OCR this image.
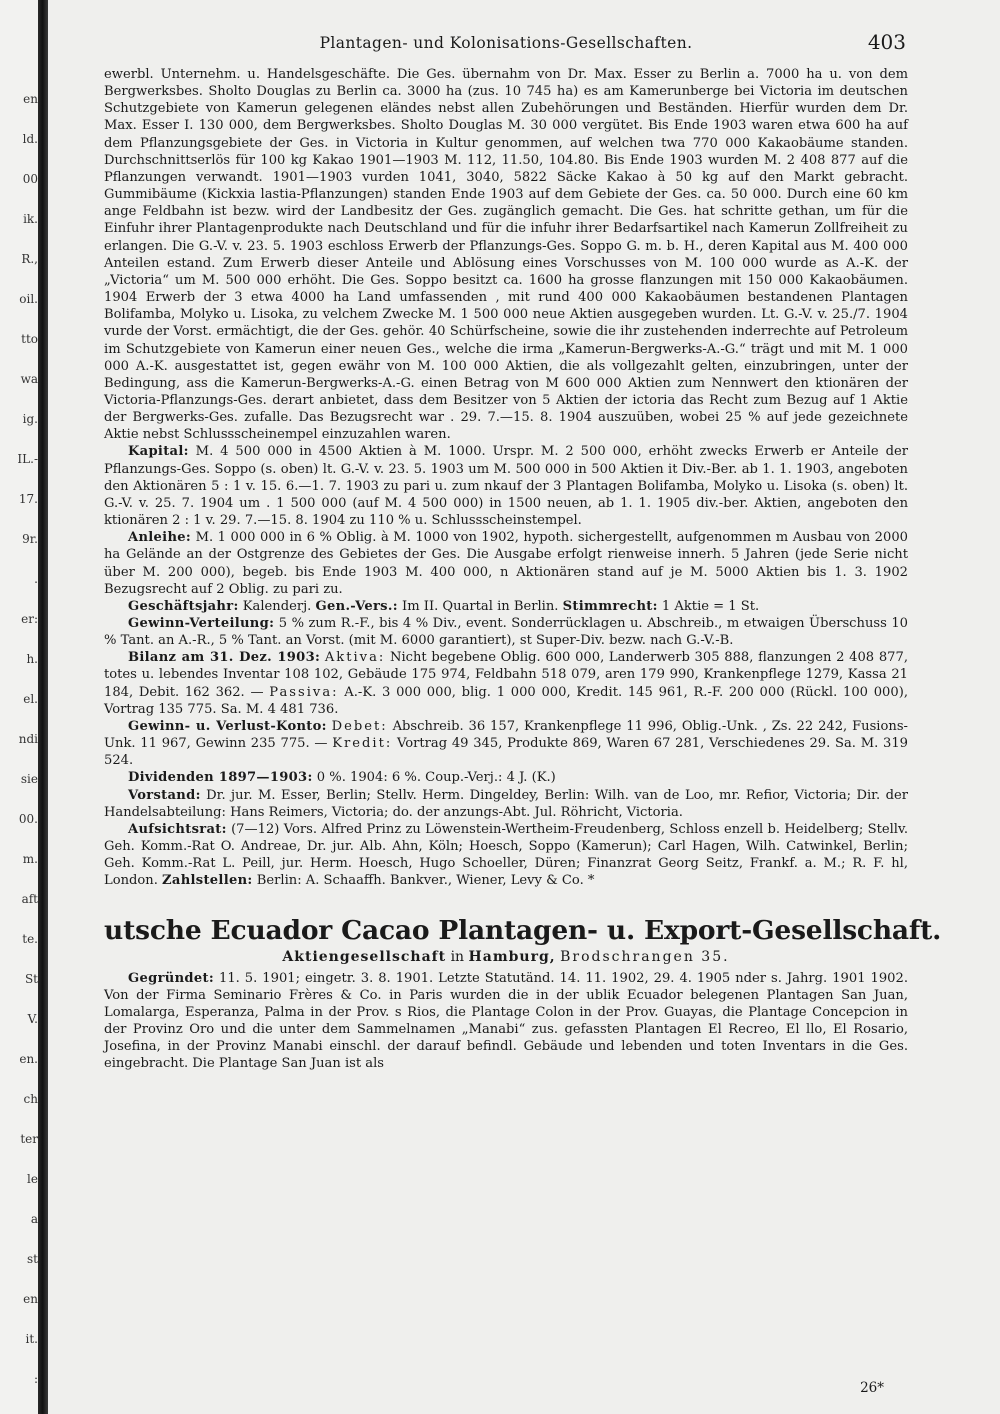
en
ld.
00
ik.
R.,
oil.
tto
wa
ig.
IL.-
17.
9r.
.
er:
h.
el.
ndi
sie
00.
m.
aft
te.
St
V.
en.
ch
ter
le
a
st
en
it.
:
Plantagen- und Kolonisations-Gesellschaften.	403

ewerbl. Unternehm. u. Handelsgeschäfte. Die Ges. übernahm von Dr. Max. Esser zu Berlin a. 7000 ha u. von dem Bergwerksbes. Sholto Douglas zu Berlin ca. 3000 ha (zus. 10 745 ha) es am Kamerunberge bei Victoria im deutschen Schutzgebiete von Kamerun gelegenen eländes nebst allen Zubehörungen und Beständen. Hierfür wurden dem Dr. Max. Esser I. 130 000, dem Bergwerksbes. Sholto Douglas M. 30 000 vergütet. Bis Ende 1903 waren etwa 600 ha auf dem Pflanzungsgebiete der Ges. in Victoria in Kultur genommen, auf welchen twa 770 000 Kakaobäume standen. Durchschnittserlös für 100 kg Kakao 1901—1903 M. 112, 11.50, 104.80. Bis Ende 1903 wurden M. 2 408 877 auf die Pflanzungen verwandt. 1901—1903 vurden 1041, 3040, 5822 Säcke Kakao à 50 kg auf den Markt gebracht. Gummibäume (Kickxia lastia-Pflanzungen) standen Ende 1903 auf dem Gebiete der Ges. ca. 50 000. Durch eine 60 km ange Feldbahn ist bezw. wird der Landbesitz der Ges. zugänglich gemacht. Die Ges. hat schritte gethan, um für die Einfuhr ihrer Plantagenprodukte nach Deutschland und für die infuhr ihrer Bedarfsartikel nach Kamerun Zollfreiheit zu erlangen. Die G.-V. v. 23. 5. 1903 eschloss Erwerb der Pflanzungs-Ges. Soppo G. m. b. H., deren Kapital aus M. 400 000 Anteilen estand. Zum Erwerb dieser Anteile und Ablösung eines Vorschusses von M. 100 000 wurde as A.-K. der „Victoria“ um M. 500 000 erhöht. Die Ges. Soppo besitzt ca. 1600 ha grosse flanzungen mit 150 000 Kakaobäumen. 1904 Erwerb der 3 etwa 4000 ha Land umfassenden , mit rund 400 000 Kakaobäumen bestandenen Plantagen Bolifamba, Molyko u. Lisoka, zu velchem Zwecke M. 1 500 000 neue Aktien ausgegeben wurden. Lt. G.-V. v. 25./7. 1904 vurde der Vorst. ermächtigt, die der Ges. gehör. 40 Schürfscheine, sowie die ihr zustehenden inderrechte auf Petroleum im Schutzgebiete von Kamerun einer neuen Ges., welche die irma „Kamerun-Bergwerks-A.-G.“ trägt und mit M. 1 000 000 A.-K. ausgestattet ist, gegen ewähr von M. 100 000 Aktien, die als vollgezahlt gelten, einzubringen, unter der Bedingung, ass die Kamerun-Bergwerks-A.-G. einen Betrag von M 600 000 Aktien zum Nennwert den ktionären der Victoria-Pflanzungs-Ges. derart anbietet, dass dem Besitzer von 5 Aktien der ictoria das Recht zum Bezug auf 1 Aktie der Bergwerks-Ges. zufalle. Das Bezugsrecht war . 29. 7.—15. 8. 1904 auszuüben, wobei 25 % auf jede gezeichnete Aktie nebst Schlussscheinempel einzuzahlen waren.

Kapital: M. 4 500 000 in 4500 Aktien à M. 1000. Urspr. M. 2 500 000, erhöht zwecks Erwerb er Anteile der Pflanzungs-Ges. Soppo (s. oben) lt. G.-V. v. 23. 5. 1903 um M. 500 000 in 500 Aktien it Div.-Ber. ab 1. 1. 1903, angeboten den Aktionären 5 : 1 v. 15. 6.—1. 7. 1903 zu pari u. zum nkauf der 3 Plantagen Bolifamba, Molyko u. Lisoka (s. oben) lt. G.-V. v. 25. 7. 1904 um . 1 500 000 (auf M. 4 500 000) in 1500 neuen, ab 1. 1. 1905 div.-ber. Aktien, angeboten den ktionären 2 : 1 v. 29. 7.—15. 8. 1904 zu 110 % u. Schlussscheinstempel.

Anleihe: M. 1 000 000 in 6 % Oblig. à M. 1000 von 1902, hypoth. sichergestellt, aufgenommen m Ausbau von 2000 ha Gelände an der Ostgrenze des Gebietes der Ges. Die Ausgabe erfolgt rienweise innerh. 5 Jahren (jede Serie nicht über M. 200 000), begeb. bis Ende 1903 M. 400 000, n Aktionären stand auf je M. 5000 Aktien bis 1. 3. 1902 Bezugsrecht auf 2 Oblig. zu pari zu.

Geschäftsjahr: Kalenderj. Gen.-Vers.: Im II. Quartal in Berlin. Stimmrecht: 1 Aktie = 1 St.

Gewinn-Verteilung: 5 % zum R.-F., bis 4 % Div., event. Sonderrücklagen u. Abschreib., m etwaigen Überschuss 10 % Tant. an A.-R., 5 % Tant. an Vorst. (mit M. 6000 garantiert), st Super-Div. bezw. nach G.-V.-B.

Bilanz am 31. Dez. 1903: Aktiva: Nicht begebene Oblig. 600 000, Landerwerb 305 888, flanzungen 2 408 877, totes u. lebendes Inventar 108 102, Gebäude 175 974, Feldbahn 518 079, aren 179 990, Krankenpflege 1279, Kassa 21 184, Debit. 162 362. — Passiva: A.-K. 3 000 000, blig. 1 000 000, Kredit. 145 961, R.-F. 200 000 (Rückl. 100 000), Vortrag 135 775. Sa. M. 4 481 736.

Gewinn- u. Verlust-Konto: Debet: Abschreib. 36 157, Krankenpflege 11 996, Oblig.-Unk. , Zs. 22 242, Fusions-Unk. 11 967, Gewinn 235 775. — Kredit: Vortrag 49 345, Produkte 869, Waren 67 281, Verschiedenes 29. Sa. M. 319 524.

Dividenden 1897—1903: 0 %. 1904: 6 %. Coup.-Verj.: 4 J. (K.)

Vorstand: Dr. jur. M. Esser, Berlin; Stellv. Herm. Dingeldey, Berlin: Wilh. van de Loo, mr. Refior, Victoria; Dir. der Handelsabteilung: Hans Reimers, Victoria; do. der anzungs-Abt. Jul. Röhricht, Victoria.

Aufsichtsrat: (7—12) Vors. Alfred Prinz zu Löwenstein-Wertheim-Freudenberg, Schloss enzell b. Heidelberg; Stellv. Geh. Komm.-Rat O. Andreae, Dr. jur. Alb. Ahn, Köln; Hoesch, Soppo (Kamerun); Carl Hagen, Wilh. Catwinkel, Berlin; Geh. Komm.-Rat L. Peill, jur. Herm. Hoesch, Hugo Schoeller, Düren; Finanzrat Georg Seitz, Frankf. a. M.; R. F. hl, London. Zahlstellen: Berlin: A. Schaaffh. Bankver., Wiener, Levy & Co. *

utsche Ecuador Cacao Plantagen- u. Export-Gesellschaft.
Aktiengesellschaft in Hamburg, Brodschrangen 35.

Gegründet: 11. 5. 1901; eingetr. 3. 8. 1901. Letzte Statutänd. 14. 11. 1902, 29. 4. 1905 nder s. Jahrg. 1901 1902. Von der Firma Seminario Frères & Co. in Paris wurden die in der ublik Ecuador belegenen Plantagen San Juan, Lomalarga, Esperanza, Palma in der Prov. s Rios, die Plantage Colon in der Prov. Guayas, die Plantage Concepcion in der Provinz Oro und die unter dem Sammelnamen „Manabi“ zus. gefassten Plantagen El Recreo, El llo, El Rosario, Josefina, in der Provinz Manabi einschl. der darauf befindl. Gebäude und lebenden und toten Inventars in die Ges. eingebracht. Die Plantage San Juan ist als

26*
